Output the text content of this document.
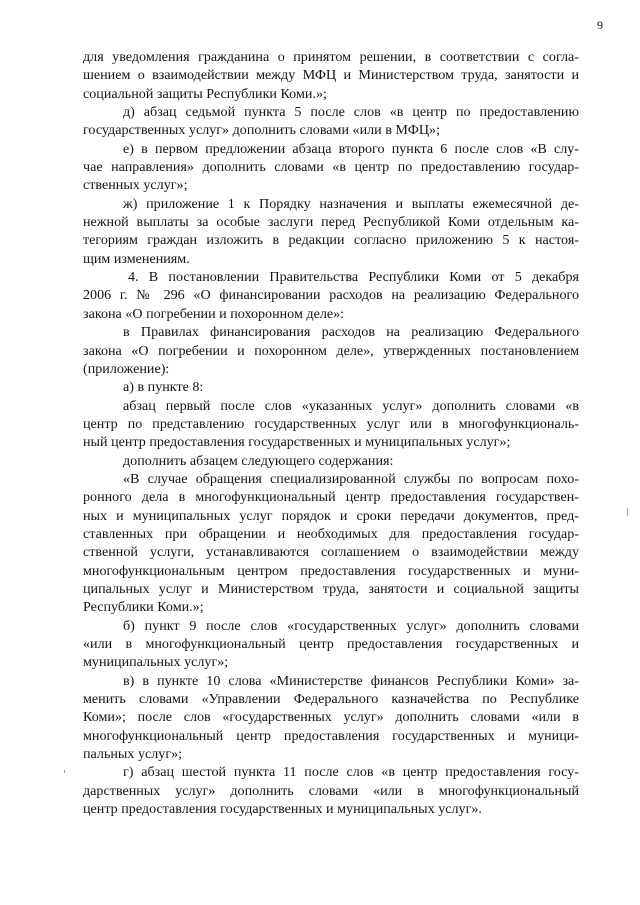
9

для уведомления гражданина о принятом решении, в соответствии с согла-
шением о взаимодействии между МФЦ и Министерством труда, занятости и
социальной защиты Республики Коми.»;

д) абзац седьмой пункта 5 после слов «в центр по предоставлению
государственных услуг» дополнить словами «или в МФЦ»;

е) в первом предложении абзаца второго пункта 6 после слов «В слу-
чае направления» дополнить словами «в центр по предоставлению государ-
ственных услуг»;

ж) приложение 1 к Порядку назначения и выплаты ежемесячной де-
нежной выплаты за особые заслуги перед Республикой Коми отдельным ка-
тегориям граждан изложить в редакции согласно приложению 5 к настоя-
щим изменениям.

4. В постановлении Правительства Республики Коми от 5 декабря
2006 г. № 296 «О финансировании расходов на реализацию Федерального
закона «О погребении и похоронном деле»:

в Правилах финансирования расходов на реализацию Федерального
закона «О погребении и похоронном деле», утвержденных постановлением
(приложение):

а) в пункте 8:

абзац первый после слов «указанных услуг» дополнить словами «в
центр по представлению государственных услуг или в многофункциональ-
ный центр предоставления государственных и муниципальных услуг»;

дополнить абзацем следующего содержания:

«В случае обращения специализированной службы по вопросам похо-
ронного дела в многофункциональный центр предоставления государствен-
ных и муниципальных услуг порядок и сроки передачи документов, пред-
ставленных при обращении и необходимых для предоставления государ-
ственной услуги, устанавливаются соглашением о взаимодействии между
многофункциональным центром предоставления государственных и муни-
ципальных услуг и Министерством труда, занятости и социальной защиты
Республики Коми.»;

б) пункт 9 после слов «государственных услуг» дополнить словами
«или в многофункциональный центр предоставления государственных и
муниципальных услуг»;

в) в пункте 10 слова «Министерстве финансов Республики Коми» за-
менить словами «Управлении Федерального казначейства по Республике
Коми»; после слов «государственных услуг» дополнить словами «или в
многофункциональный центр предоставления государственных и муници-
пальных услуг»;

г) абзац шестой пункта 11 после слов «в центр предоставления госу-
дарственных услуг» дополнить словами «или в многофункциональный
центр предоставления государственных и муниципальных услуг».
